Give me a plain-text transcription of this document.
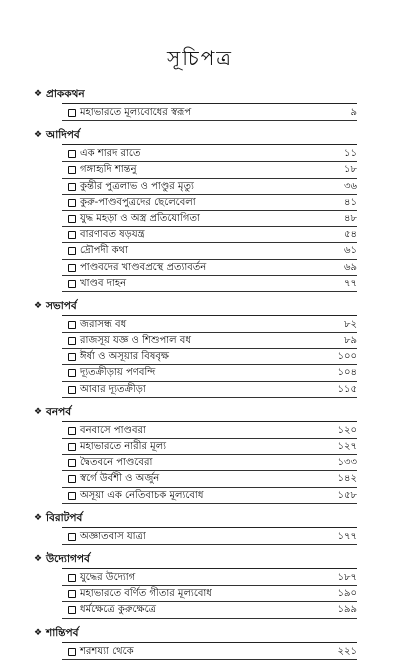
সূচিপত্র
❖ প্রাককথন
মহাভারতে মূল্যবোধের স্বরূপ	৯
❖ আদিপর্ব
এক শারদ রাতে	১১
গঙ্গাহৃদি শান্তনু	১৮
কুন্তীর পুত্রলাভ ও পাণ্ডুর মৃত্যু	৩৬
কুরু-পাণ্ডবপুত্রদের ছেলেবেলা	৪১
যুদ্ধ মহড়া ও অস্ত্র প্রতিযোগিতা	৪৮
বারণাবত ষড়যন্ত্র	৫৪
দ্রৌপদী কথা	৬১
পাণ্ডবদের খাণ্ডবপ্রস্থে প্রত্যাবর্তন	৬৯
খাণ্ডব দাহন	৭৭
❖ সভাপর্ব
জরাসন্ধ বধ	৮২
রাজসূয় যজ্ঞ ও শিশুপাল বধ	৮৯
ঈর্ষা ও অসূয়ার বিষবৃক্ষ	১০০
দ্যূতক্রীড়ায় পণবন্দি	১০৪
আবার দ্যূতক্রীড়া	১১৫
❖ বনপর্ব
বনবাসে পাণ্ডবরা	১২০
মহাভারতে নারীর মূল্য	১২৭
দ্বৈতবনে পাণ্ডবেরা	১৩৩
স্বর্গে উর্বশী ও অর্জুন	১৪২
অসূয়া এক নেতিবাচক মূল্যবোধ	১৫৮
❖ বিরাটপর্ব
অজ্ঞাতবাস যাত্রা	১৭৭
❖ উদ্যোগপর্ব
যুদ্ধের উদ্যোগ	১৮৭
মহাভারতে বর্ণিত গীতার মূল্যবোধ	১৯০
ধর্মক্ষেত্রে কুরুক্ষেত্রে	১৯৯
❖ শান্তিপর্ব
শরশয্যা থেকে	২২১
